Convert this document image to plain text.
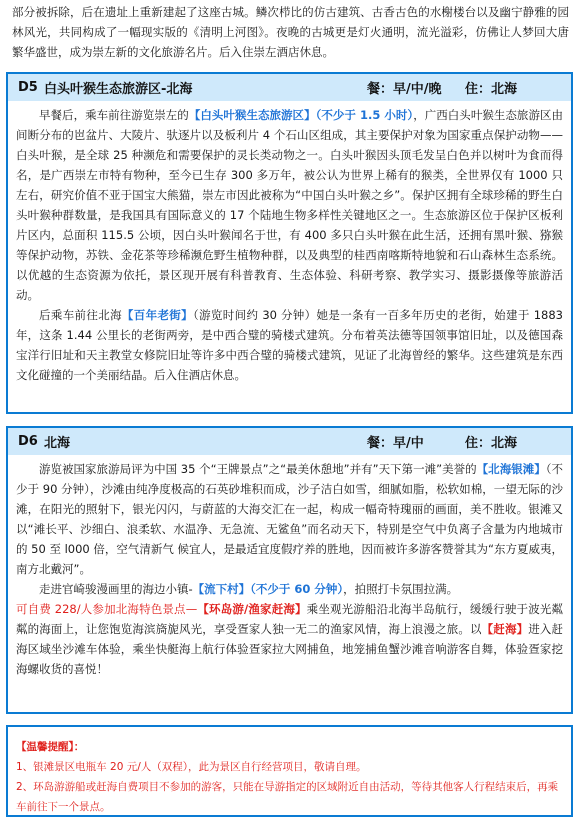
部分被拆除，后在遗址上重新建起了这座古城。鳞次栉比的仿古建筑、古香古色的水榭楼台以及幽宁静雅的园林风光，共同构成了一幅现实版的《清明上河图》。夜晚的古城更是灯火通明，流光溢彩，仿佛让人梦回大唐繁华盛世，成为崇左新的文化旅游名片。后入住崇左酒店休息。

D5 白头叶猴生态旅游区-北海	餐：早/中/晚	住：北海

早餐后，乘车前往游览崇左的【白头叶猴生态旅游区】（不少于 1.5 小时），广西白头叶猴生态旅游区由间断分布的岜盆片、大陵片、驮逐片以及板利片 4 个石山区组成，其主要保护对象为国家重点保护动物——白头叶猴，是全球 25 种濒危和需要保护的灵长类动物之一。白头叶猴因头顶毛发呈白色并以树叶为食而得名，是广西崇左市特有物种，至今已生存 300 多万年，被公认为世界上稀有的猴类，全世界仅有 1000 只左右，研究价值不亚于国宝大熊猫，崇左市因此被称为“中国白头叶猴之乡”。保护区拥有全球珍稀的野生白头叶猴种群数量，是我国具有国际意义的 17 个陆地生物多样性关键地区之一。生态旅游区位于保护区板利片区内，总面积 115.5 公顷，因白头叶猴闻名于世，有 400 多只白头叶猴在此生活，还拥有黑叶猴、猕猴等保护动物，苏铁、金花茶等珍稀濒危野生植物种群，以及典型的桂西南喀斯特地貌和石山森林生态系统。以优越的生态资源为依托，景区现开展有科普教育、生态体验、科研考察、教学实习、摄影摄像等旅游活动。

后乘车前往北海【百年老街】（游览时间约 30 分钟）她是一条有一百多年历史的老街，始建于 1883 年，这条 1.44 公里长的老街两旁，是中西合璧的骑楼式建筑。分布着英法德等国领事馆旧址，以及德国森宝洋行旧址和天主教堂女修院旧址等许多中西合璧的骑楼式建筑，见证了北海曾经的繁华。这些建筑是东西文化碰撞的一个美丽结晶。后入住酒店休息。

D6 北海	餐：早/中	住：北海

游览被国家旅游局评为中国 35 个“王牌景点”之“最美休憩地”并有”天下第一滩”美誉的【北海银滩】（不少于 90 分钟），沙滩由纯净度极高的石英砂堆积而成，沙子洁白如雪，细腻如脂，松软如棉，一望无际的沙滩，在阳光的照射下，银光闪闪，与蔚蓝的大海交汇在一起，构成一幅奇特瑰丽的画面，美不胜收。银滩又以“滩长平、沙细白、浪柔软、水温净、无急流、无鲨鱼”而名动天下，特别是空气中负离子含量为内地城市的 50 至 l000 倍，空气清新气 候宜人，是最适宜度假疗养的胜地，因而被许多游客赞誉其为“东方夏威夷，南方北戴河”。

走进官崎骏漫画里的海边小镇-【流下村】（不少于 60 分钟），拍照打卡氛围拉满。

可自费 228/人参加北海特色景点—【环岛游/渔家赶海】乘坐观光游船沿北海半岛航行，缓缓行驶于波光粼粼的海面上，让您饱览海滨旖旎风光，享受疍家人独一无二的渔家风情，海上浪漫之旅。以【赶海】进入赶海区域坐沙滩车体验，乘坐快艇海上航行体验疍家拉大网捕鱼，地笼捕鱼蟹沙滩音响游客自舞，体验疍家挖海螺收货的喜悦！

【温馨提醒】：

1、银滩景区电瓶车 20 元/人（双程），此为景区自行经营项目，敬请自理。

2、环岛游游船或赶海自费项目不参加的游客，只能在导游指定的区域附近自由活动，等待其他客人行程结束后，再乘车前往下一个景点。
